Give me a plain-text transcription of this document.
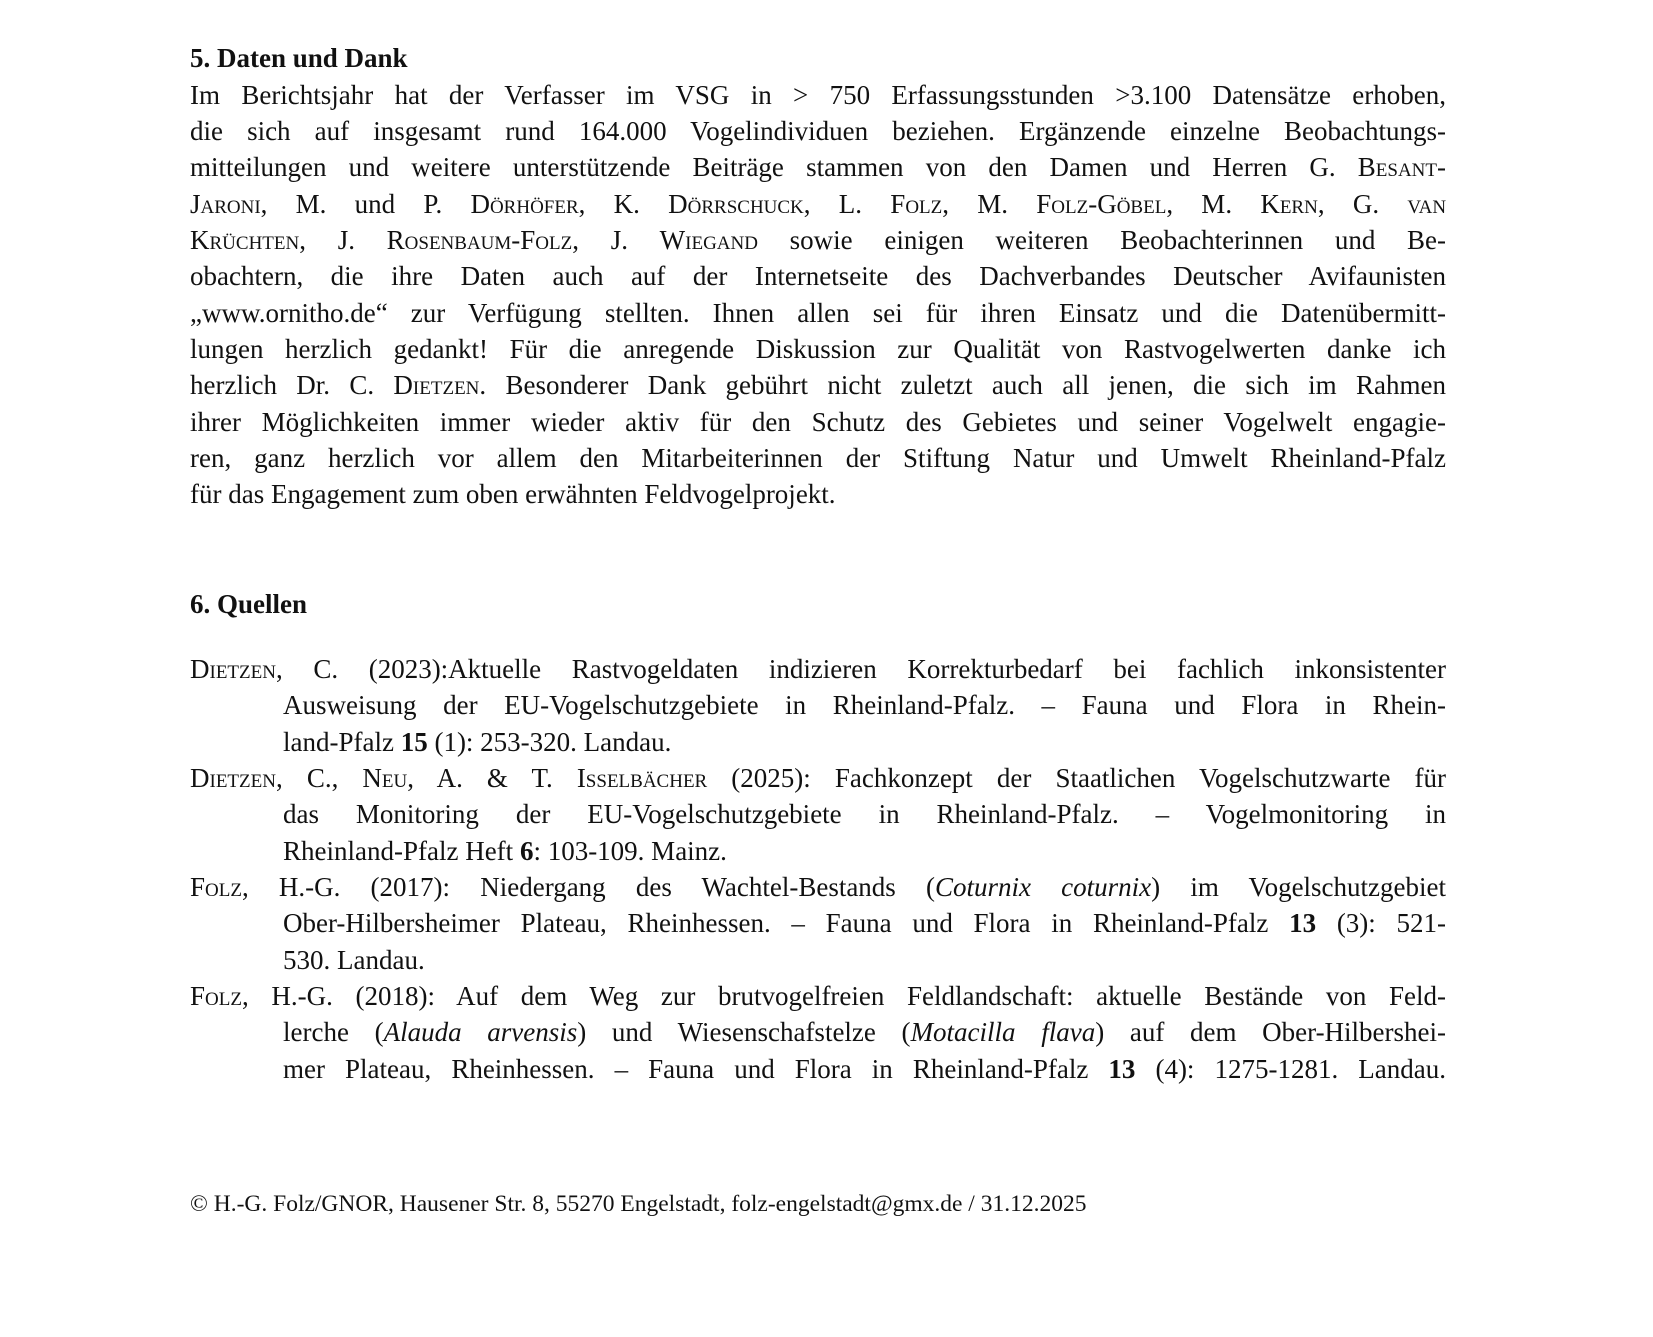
5. Daten und Dank
Im Berichtsjahr hat der Verfasser im VSG in > 750 Erfassungsstunden >3.100 Datensätze erhoben,
die sich auf insgesamt rund 164.000 Vogelindividuen beziehen. Ergänzende einzelne Beobachtungs-
mitteilungen und weitere unterstützende Beiträge stammen von den Damen und Herren G. Besant-
Jaroni, M. und P. Dörhöfer, K. Dörrschuck, L. Folz, M. Folz-Göbel, M. Kern, G. van
Krüchten, J. Rosenbaum-Folz, J. Wiegand sowie einigen weiteren Beobachterinnen und Be-
obachtern, die ihre Daten auch auf der Internetseite des Dachverbandes Deutscher Avifaunisten
„www.ornitho.de“ zur Verfügung stellten. Ihnen allen sei für ihren Einsatz und die Datenübermitt-
lungen herzlich gedankt! Für die anregende Diskussion zur Qualität von Rastvogelwerten danke ich
herzlich Dr. C. Dietzen. Besonderer Dank gebührt nicht zuletzt auch all jenen, die sich im Rahmen
ihrer Möglichkeiten immer wieder aktiv für den Schutz des Gebietes und seiner Vogelwelt engagie-
ren, ganz herzlich vor allem den Mitarbeiterinnen der Stiftung Natur und Umwelt Rheinland-Pfalz
für das Engagement zum oben erwähnten Feldvogelprojekt.
6. Quellen
Dietzen, C. (2023):Aktuelle Rastvogeldaten indizieren Korrekturbedarf bei fachlich inkonsistenter
Ausweisung der EU-Vogelschutzgebiete in Rheinland-Pfalz. – Fauna und Flora in Rhein-
land-Pfalz 15 (1): 253-320. Landau.
Dietzen, C., Neu, A. & T. Isselbächer (2025): Fachkonzept der Staatlichen Vogelschutzwarte für
das Monitoring der EU-Vogelschutzgebiete in Rheinland-Pfalz. – Vogelmonitoring in
Rheinland-Pfalz Heft 6: 103-109. Mainz.
Folz, H.-G. (2017): Niedergang des Wachtel-Bestands (Coturnix coturnix) im Vogelschutzgebiet
Ober-Hilbersheimer Plateau, Rheinhessen. – Fauna und Flora in Rheinland-Pfalz 13 (3): 521-
530. Landau.
Folz, H.-G. (2018): Auf dem Weg zur brutvogelfreien Feldlandschaft: aktuelle Bestände von Feld-
lerche (Alauda arvensis) und Wiesenschafstelze (Motacilla flava) auf dem Ober-Hilbershei-
mer Plateau, Rheinhessen. – Fauna und Flora in Rheinland-Pfalz 13 (4): 1275-1281. Landau.
© H.-G. Folz/GNOR, Hausener Str. 8, 55270 Engelstadt, folz-engelstadt@gmx.de / 31.12.2025
